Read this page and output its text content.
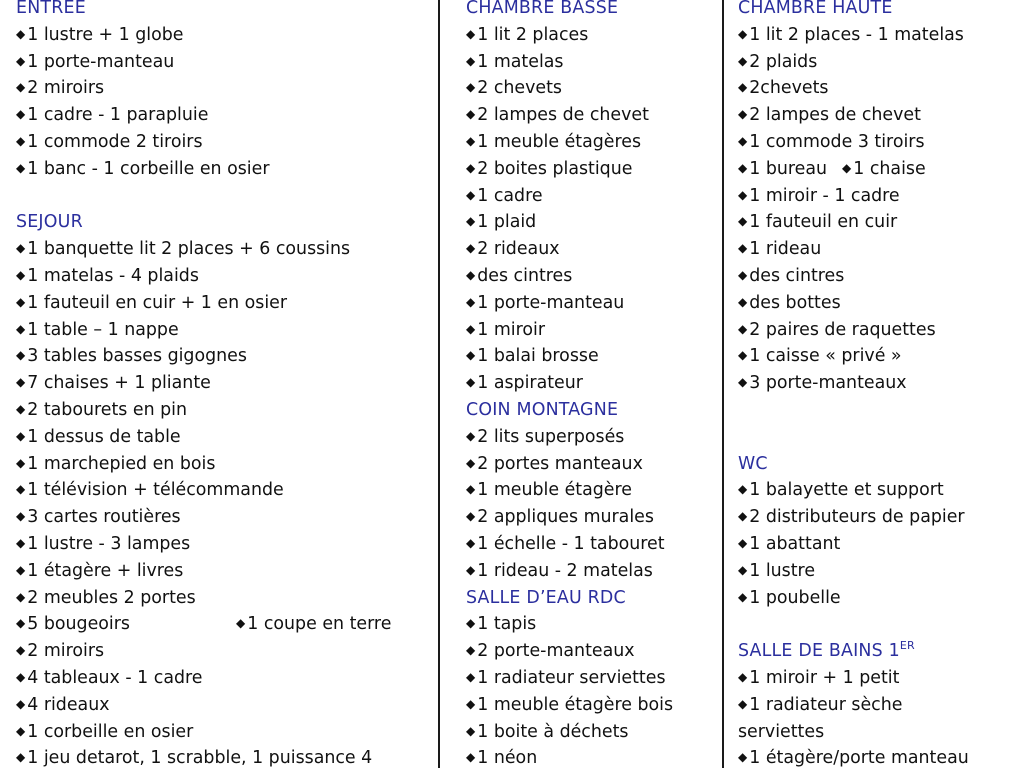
ENTREE
◆ 1 lustre + 1 globe
◆ 1 porte-manteau
◆ 2 miroirs
◆ 1 cadre - 1 parapluie
◆ 1 commode 2 tiroirs
◆ 1 banc - 1 corbeille en osier
SEJOUR
◆ 1 banquette lit 2 places + 6 coussins
◆ 1 matelas - 4 plaids
◆ 1 fauteuil en cuir + 1 en osier
◆ 1 table – 1 nappe
◆ 3 tables basses gigognes
◆ 7 chaises + 1 pliante
◆ 2 tabourets en pin
◆ 1 dessus de table
◆ 1 marchepied en bois
◆ 1 télévision + télécommande
◆ 3 cartes routières
◆ 1 lustre - 3 lampes
◆ 1 étagère + livres
◆ 2 meubles 2 portes
◆ 5 bougeoirs	◆ 1 coupe en terre
◆ 2 miroirs
◆ 4 tableaux - 1 cadre
◆ 4 rideaux
◆ 1 corbeille en osier
◆ 1 jeu detarot, 1 scrabble, 1 puissance 4
CHAMBRE BASSE
◆ 1 lit 2 places
◆ 1 matelas
◆ 2 chevets
◆ 2 lampes de chevet
◆ 1 meuble étagères
◆ 2 boites plastique
◆ 1 cadre
◆ 1 plaid
◆ 2 rideaux
◆ des cintres
◆ 1 porte-manteau
◆ 1 miroir
◆ 1 balai brosse
◆ 1 aspirateur
COIN MONTAGNE
◆ 2 lits superposés
◆ 2 portes manteaux
◆ 1 meuble étagère
◆ 2 appliques murales
◆ 1 échelle - 1 tabouret
◆ 1 rideau - 2 matelas
SALLE D’EAU RDC
◆ 1 tapis
◆ 2 porte-manteaux
◆ 1 radiateur serviettes
◆ 1 meuble étagère bois
◆ 1 boite à déchets
◆ 1 néon
CHAMBRE HAUTE
◆ 1 lit 2 places - 1 matelas
◆ 2 plaids
◆ 2chevets
◆ 2 lampes de chevet
◆ 1 commode 3 tiroirs
◆ 1 bureau ◆ 1 chaise
◆ 1 miroir - 1 cadre
◆ 1 fauteuil en cuir
◆ 1 rideau
◆ des cintres
◆ des bottes
◆ 2 paires de raquettes
◆ 1 caisse « privé »
◆ 3 porte-manteaux
WC
◆ 1 balayette et support
◆ 2 distributeurs de papier
◆ 1 abattant
◆ 1 lustre
◆ 1 poubelle
SALLE DE BAINS 1ER
◆ 1 miroir + 1 petit
◆ 1 radiateur sèche
serviettes
◆ 1 étagère/porte manteau
